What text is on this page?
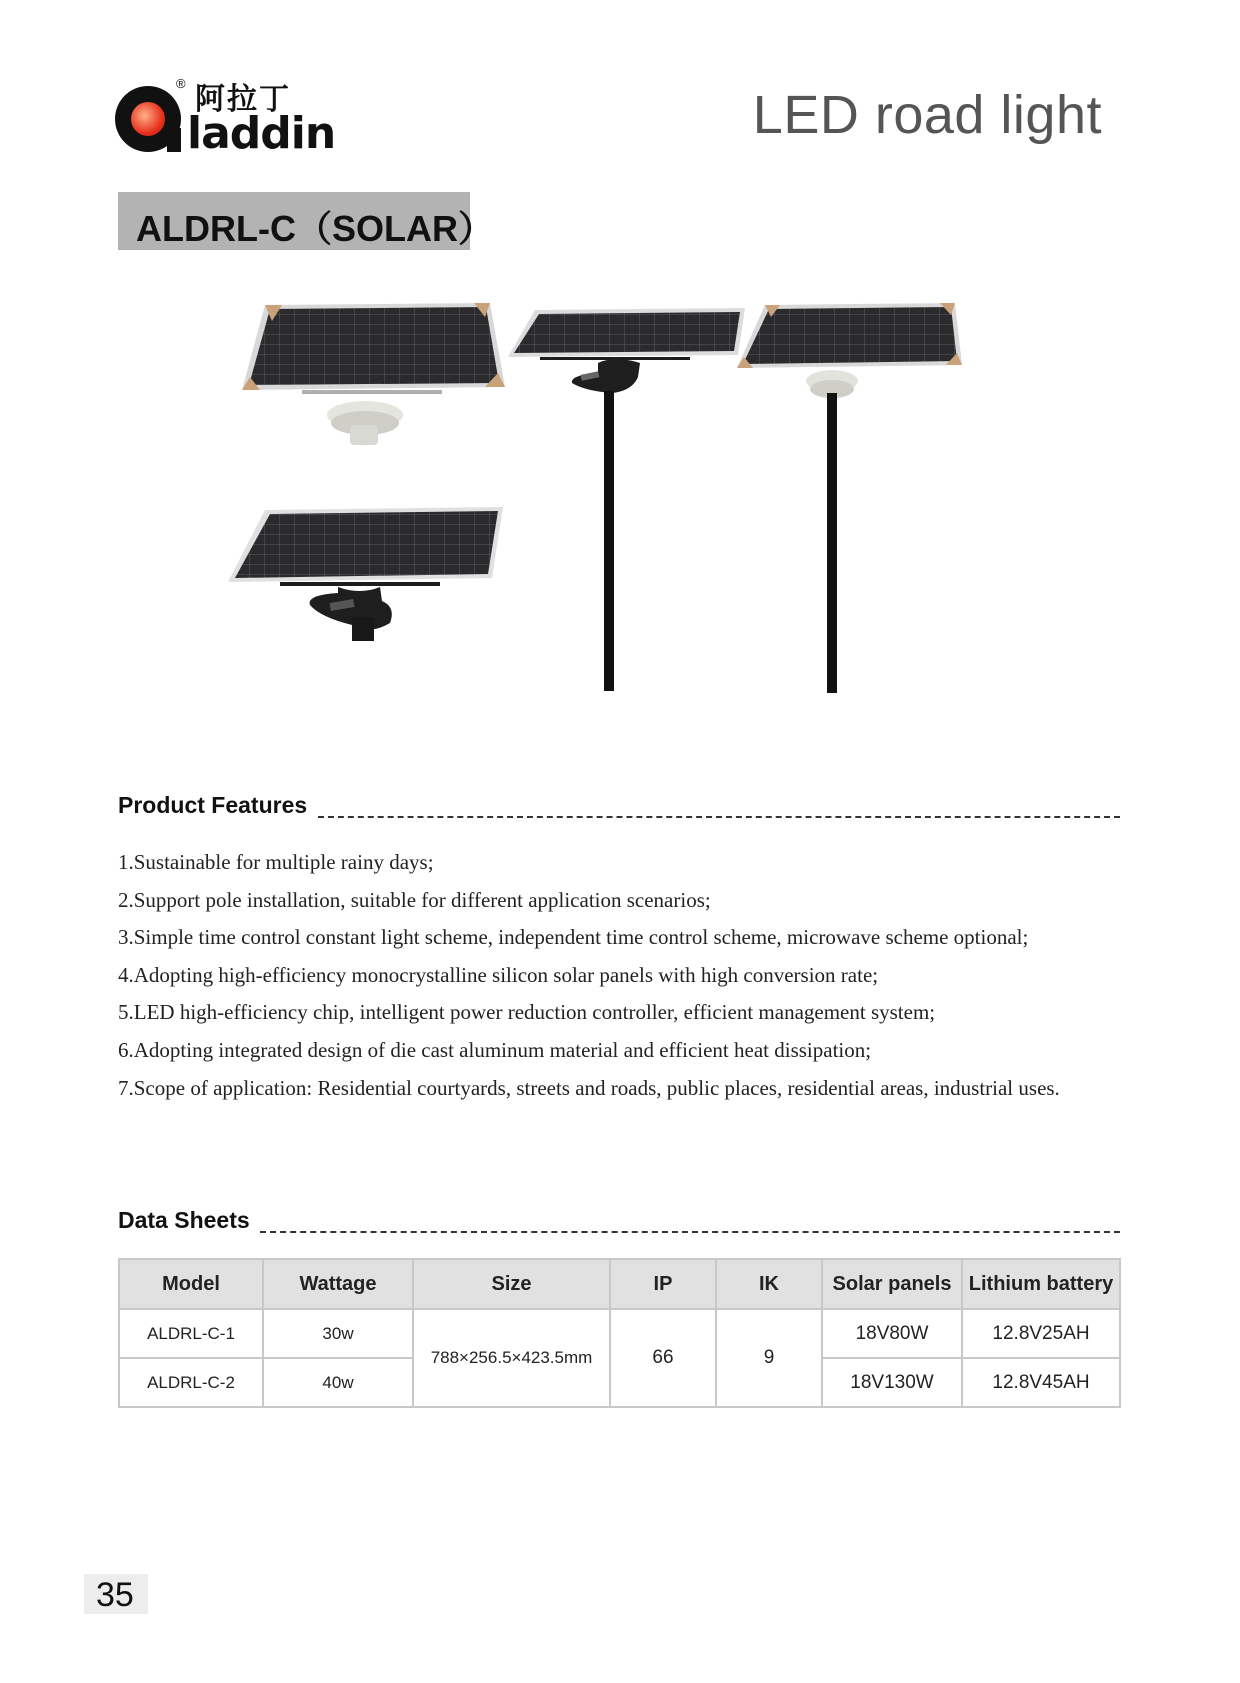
® 阿拉丁
laddin	LED road light
ALDRL-C（SOLAR）
Product Features
1.Sustainable for multiple rainy days;
2.Support pole installation, suitable for different application scenarios;
3.Simple time control constant light scheme, independent time control scheme, microwave scheme optional;
4.Adopting high-efficiency monocrystalline silicon solar panels with high conversion rate;
5.LED high-efficiency chip, intelligent power reduction controller, efficient management system;
6.Adopting integrated design of die cast aluminum material and efficient heat dissipation;
7.Scope of application: Residential courtyards, streets and roads, public places, residential areas, industrial uses.
Data Sheets
Model	Wattage	Size	IP	IK	Solar panels	Lithium battery
ALDRL-C-1	30w	788×256.5×423.5mm	66	9	18V80W	12.8V25AH
ALDRL-C-2	40w				18V130W	12.8V45AH
35
